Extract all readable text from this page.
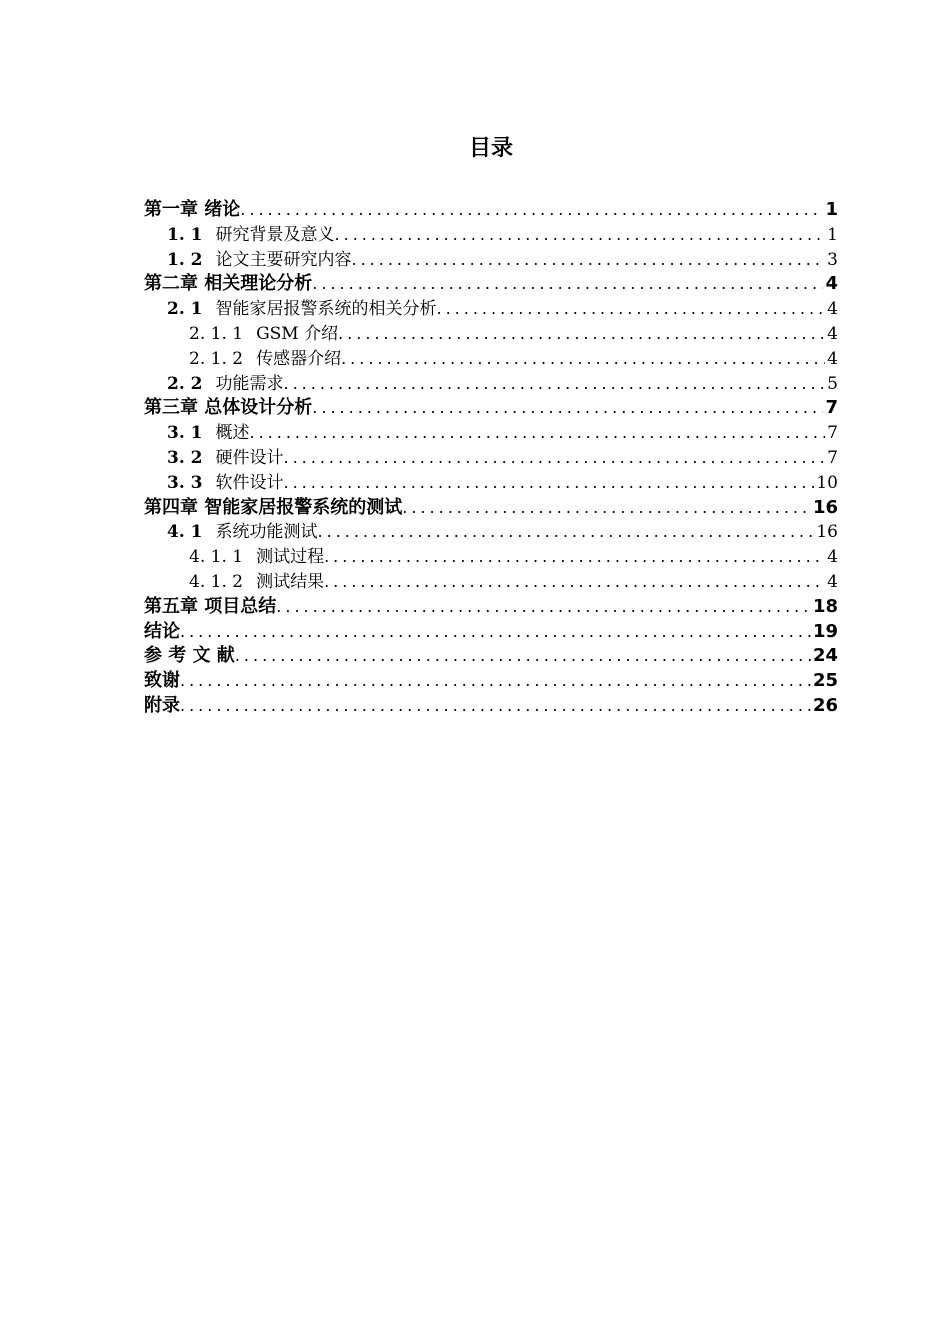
目录
第一章 绪论 .....	1
1. 1 研究背景及意义 .....	1
1. 2 论文主要研究内容 .....	3
第二章 相关理论分析 .....	4
2. 1 智能家居报警系统的相关分析 .....	4
2. 1. 1 GSM 介绍 .....	4
2. 1. 2 传感器介绍 .....	4
2. 2 功能需求 .....	5
第三章 总体设计分析 .....	7
3. 1 概述 .....	7
3. 2 硬件设计 .....	7
3. 3 软件设计 .....	10
第四章 智能家居报警系统的测试 .....	16
4. 1 系统功能测试 .....	16
4. 1. 1 测试过程 .....	4
4. 1. 2 测试结果 .....	4
第五章 项目总结 .....	18
结论 .....	19
参 考 文 献 .....	24
致谢 .....	25
附录 .....	26
